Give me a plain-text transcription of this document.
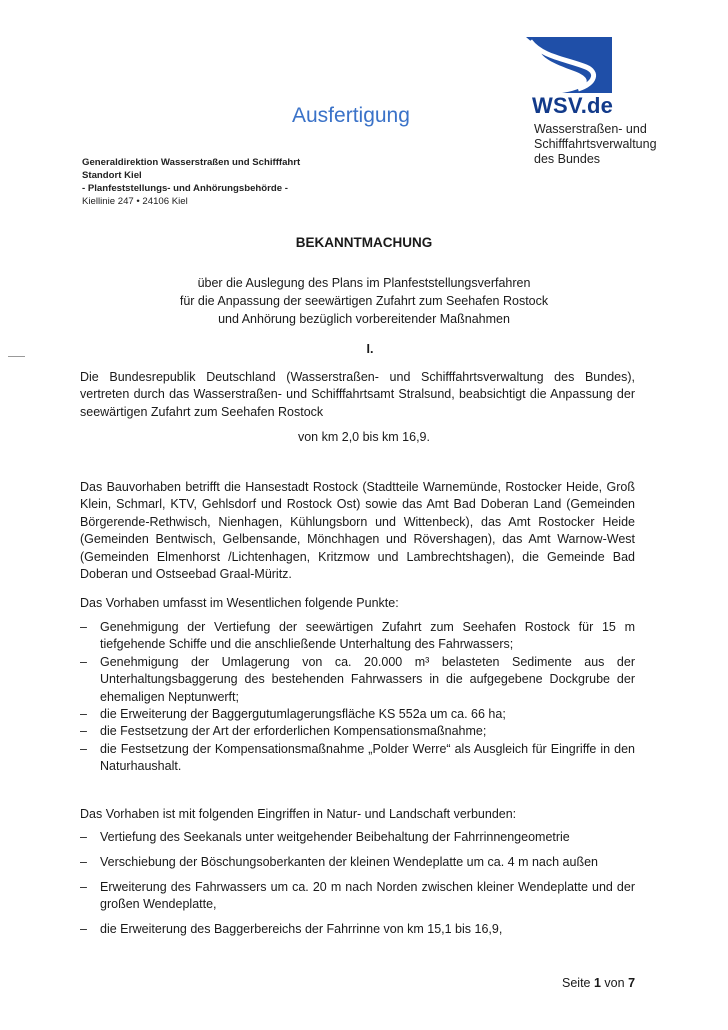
Ausfertigung	WSV.de
Wasserstraßen- und
Schifffahrtsverwaltung
des Bundes
Generaldirektion Wasserstraßen und Schifffahrt
Standort Kiel
- Planfeststellungs- und Anhörungsbehörde -
Kiellinie 247 • 24106 Kiel
BEKANNTMACHUNG
über die Auslegung des Plans im Planfeststellungsverfahren
für die Anpassung der seewärtigen Zufahrt zum Seehafen Rostock
und Anhörung bezüglich vorbereitender Maßnahmen
I.
Die Bundesrepublik Deutschland (Wasserstraßen- und Schifffahrtsverwaltung des Bundes), vertreten durch das Wasserstraßen- und Schifffahrtsamt Stralsund, beabsichtigt die Anpassung der seewärtigen Zufahrt zum Seehafen Rostock
von km 2,0 bis km 16,9.
Das Bauvorhaben betrifft die Hansestadt Rostock (Stadtteile Warnemünde, Rostocker Heide, Groß Klein, Schmarl, KTV, Gehlsdorf und Rostock Ost) sowie das Amt Bad Doberan Land (Gemeinden Börgerende-Rethwisch, Nienhagen, Kühlungsborn und Wittenbeck), das Amt Rostocker Heide (Gemeinden Bentwisch, Gelbensande, Mönchhagen und Rövershagen), das Amt Warnow-West (Gemeinden Elmenhorst /Lichtenhagen, Kritzmow und Lambrechtshagen), die Gemeinde Bad Doberan und Ostseebad Graal-Müritz.
Das Vorhaben umfasst im Wesentlichen folgende Punkte:
– Genehmigung der Vertiefung der seewärtigen Zufahrt zum Seehafen Rostock für 15 m tiefgehende Schiffe und die anschließende Unterhaltung des Fahrwassers;
– Genehmigung der Umlagerung von ca. 20.000 m³ belasteten Sedimente aus der Unterhaltungsbaggerung des bestehenden Fahrwassers in die aufgegebene Dockgrube der ehemaligen Neptunwerft;
– die Erweiterung der Baggergutumlagerungsfläche KS 552a um ca. 66 ha;
– die Festsetzung der Art der erforderlichen Kompensationsmaßnahme;
– die Festsetzung der Kompensationsmaßnahme „Polder Werre“ als Ausgleich für Eingriffe in den Naturhaushalt.
Das Vorhaben ist mit folgenden Eingriffen in Natur- und Landschaft verbunden:
– Vertiefung des Seekanals unter weitgehender Beibehaltung der Fahrrinnengeometrie
– Verschiebung der Böschungsoberkanten der kleinen Wendeplatte um ca. 4 m nach außen
– Erweiterung des Fahrwassers um ca. 20 m nach Norden zwischen kleiner Wendeplatte und der großen Wendeplatte,
– die Erweiterung des Baggerbereichs der Fahrrinne von km 15,1 bis 16,9,
Seite 1 von 7
